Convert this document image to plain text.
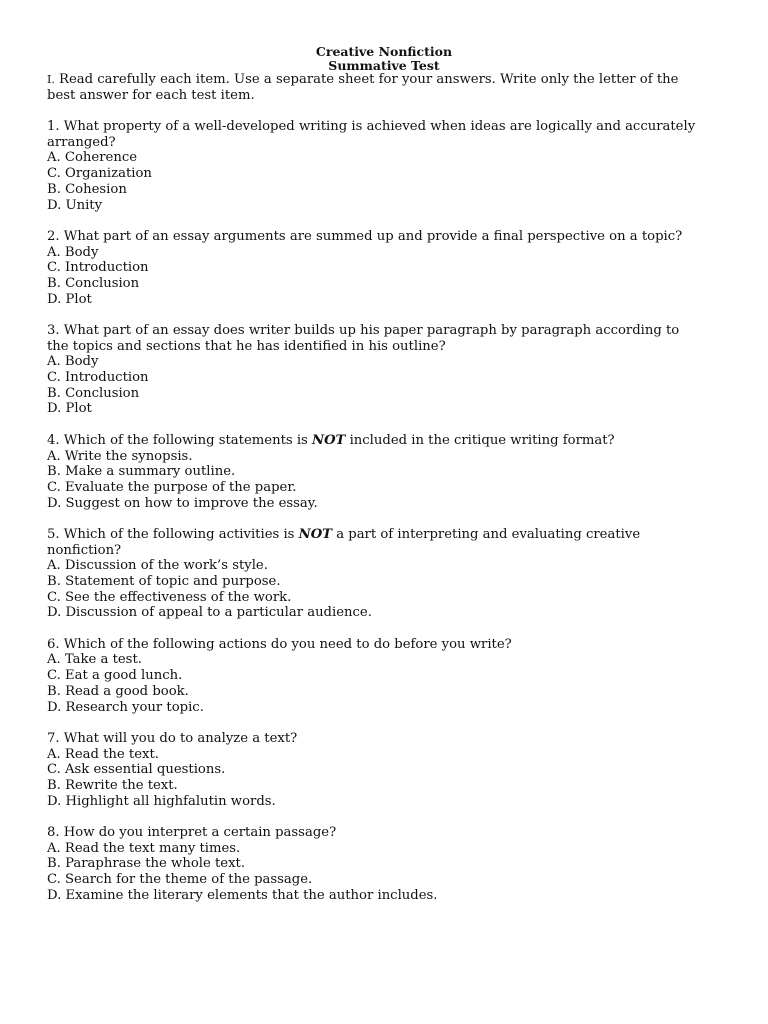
Creative Nonfiction
Summative Test
I. Read carefully each item. Use a separate sheet for your answers. Write only the letter of the
best answer for each test item.
1. What property of a well-developed writing is achieved when ideas are logically and accurately
arranged?
A. Coherence
C. Organization
B. Cohesion
D. Unity
2. What part of an essay arguments are summed up and provide a final perspective on a topic?
A. Body
C. Introduction
B. Conclusion
D. Plot
3. What part of an essay does writer builds up his paper paragraph by paragraph according to
the topics and sections that he has identified in his outline?
A. Body
C. Introduction
B. Conclusion
D. Plot
4. Which of the following statements is NOT included in the critique writing format?
A. Write the synopsis.
B. Make a summary outline.
C. Evaluate the purpose of the paper.
D. Suggest on how to improve the essay.
5. Which of the following activities is NOT a part of interpreting and evaluating creative
nonfiction?
A. Discussion of the work’s style.
B. Statement of topic and purpose.
C. See the effectiveness of the work.
D. Discussion of appeal to a particular audience.
6. Which of the following actions do you need to do before you write?
A. Take a test.
C. Eat a good lunch.
B. Read a good book.
D. Research your topic.
7. What will you do to analyze a text?
A. Read the text.
C. Ask essential questions.
B. Rewrite the text.
D. Highlight all highfalutin words.
8. How do you interpret a certain passage?
A. Read the text many times.
B. Paraphrase the whole text.
C. Search for the theme of the passage.
D. Examine the literary elements that the author includes.
